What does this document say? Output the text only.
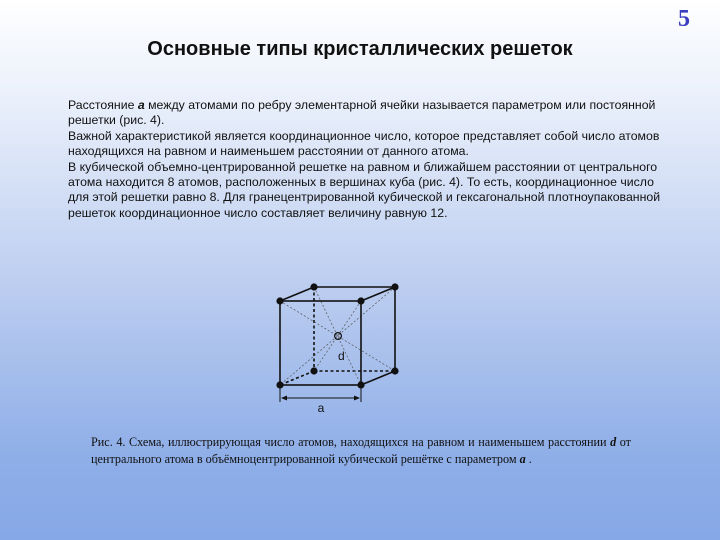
5
Основные типы кристаллических решеток

Расстояние а между атомами по ребру элементарной ячейки называется параметром или постоянной решетки (рис. 4).

Важной характеристикой является координационное число, которое представляет собой число атомов находящихся на равном и наименьшем расстоянии от данного атома.

В кубической объемно-центрированной решетке на равном и ближайшем расстоянии от центрального атома находится 8 атомов, расположенных в вершинах куба (рис. 4). То есть, координационное число для этой решетки равно 8. Для гранецентрированной кубической и гексагональной плотноупакованной решеток координационное число составляет величину равную 12.

d
a
Рис. 4. Схема, иллюстрирующая число атомов, находящихся на равном и наименьшем расстоянии d от центрального атома в объёмноцентрированной кубической решётке с параметром а .
